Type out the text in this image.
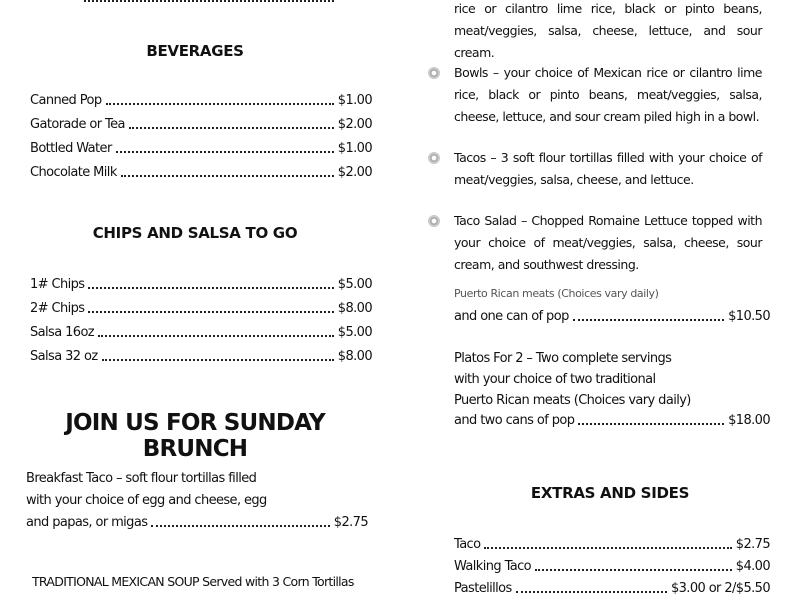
BEVERAGES
Canned Pop	$1.00
Gatorade or Tea	$2.00
Bottled Water	$1.00
Chocolate Milk	$2.00
CHIPS AND SALSA TO GO
1# Chips	$5.00
2# Chips	$8.00
Salsa 16oz	$5.00
Salsa 32 oz	$8.00
JOIN US FOR SUNDAY BRUNCH
Breakfast Taco – soft flour tortillas filled
with your choice of egg and cheese, egg
and papas, or migas	$2.75
TRADITIONAL MEXICAN SOUP Served with 3 Corn Tortillas
rice or cilantro lime rice, black or pinto beans, meat/veggies, salsa, cheese, lettuce, and sour cream.
Bowls – your choice of Mexican rice or cilantro lime rice, black or pinto beans, meat/veggies, salsa, cheese, lettuce, and sour cream piled high in a bowl.
Tacos – 3 soft flour tortillas filled with your choice of meat/veggies, salsa, cheese, and lettuce.
Taco Salad – Chopped Romaine Lettuce topped with your choice of meat/veggies, salsa, cheese, sour cream, and southwest dressing.
Puerto Rican meats (Choices vary daily)
and one can of pop	$10.50
Platos For 2 – Two complete servings
with your choice of two traditional
Puerto Rican meats (Choices vary daily)
and two cans of pop	$18.00
EXTRAS AND SIDES
Taco	$2.75
Walking Taco	$4.00
Pastelillos	$3.00 or 2/$5.50
